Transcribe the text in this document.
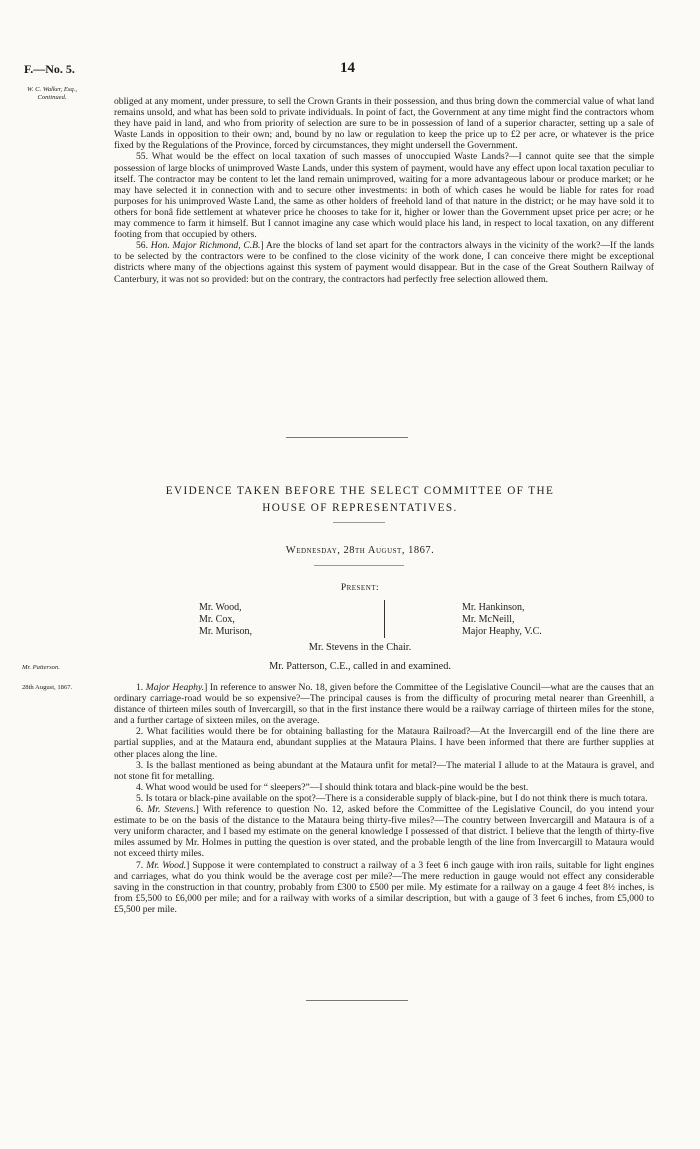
F.—No. 5.	14
W. C. Walker, Esq.,
Continued.	obliged at any moment, under pressure, to sell the Crown Grants in their possession, and thus bring down the commercial value of what land remains unsold, and what has been sold to private individuals. In point of fact, the Government at any time might find the contractors whom they have paid in land, and who from priority of selection are sure to be in possession of land of a superior character, setting up a sale of Waste Lands in opposition to their own; and, bound by no law or regulation to keep the price up to £2 per acre, or whatever is the price fixed by the Regulations of the Province, forced by circumstances, they might undersell the Government.

55. What would be the effect on local taxation of such masses of unoccupied Waste Lands?—I cannot quite see that the simple possession of large blocks of unimproved Waste Lands, under this system of payment, would have any effect upon local taxation peculiar to itself. The contractor may be content to let the land remain unimproved, waiting for a more advantageous labour or produce market; or he may have selected it in connection with and to secure other investments: in both of which cases he would be liable for rates for road purposes for his unimproved Waste Land, the same as other holders of freehold land of that nature in the district; or he may have sold it to others for bonâ fide settlement at whatever price he chooses to take for it, higher or lower than the Government upset price per acre; or he may commence to farm it himself. But I cannot imagine any case which would place his land, in respect to local taxation, on any different footing from that occupied by others.

56. Hon. Major Richmond, C.B.] Are the blocks of land set apart for the contractors always in the vicinity of the work?—If the lands to be selected by the contractors were to be confined to the close vicinity of the work done, I can conceive there might be exceptional districts where many of the objections against this system of payment would disappear. But in the case of the Great Southern Railway of Canterbury, it was not so provided: but on the contrary, the contractors had perfectly free selection allowed them.

EVIDENCE TAKEN BEFORE THE SELECT COMMITTEE OF THE
HOUSE OF REPRESENTATIVES.
Wednesday, 28th August, 1867.
Present:
Mr. Wood,
Mr. Cox,
Mr. Murison,
Mr. Hankinson,
Mr. McNeill,
Major Heaphy, V.C.
Mr. Stevens in the Chair.
Mr. Patterson.	Mr. Patterson, C.E., called in and examined.
28th August, 1867.	1. Major Heaphy.] In reference to answer No. 18, given before the Committee of the Legislative Council—what are the causes that an ordinary carriage-road would be so expensive?—The principal causes is from the difficulty of procuring metal nearer than Greenhill, a distance of thirteen miles south of Invercargill, so that in the first instance there would be a railway carriage of thirteen miles for the stone, and a further cartage of sixteen miles, on the average.

2. What facilities would there be for obtaining ballasting for the Mataura Railroad?—At the Invercargill end of the line there are partial supplies, and at the Mataura end, abundant supplies at the Mataura Plains. I have been informed that there are further supplies at other places along the line.

3. Is the ballast mentioned as being abundant at the Mataura unfit for metal?—The material I allude to at the Mataura is gravel, and not stone fit for metalling.

4. What wood would be used for “ sleepers?”—I should think totara and black-pine would be the best.

5. Is totara or black-pine available on the spot?—There is a considerable supply of black-pine, but I do not think there is much totara.

6. Mr. Stevens.] With reference to question No. 12, asked before the Committee of the Legislative Council, do you intend your estimate to be on the basis of the distance to the Mataura being thirty-five miles?—The country between Invercargill and Mataura is of a very uniform character, and I based my estimate on the general knowledge I possessed of that district. I believe that the length of thirty-five miles assumed by Mr. Holmes in putting the question is over stated, and the probable length of the line from Invercargill to Mataura would not exceed thirty miles.

7. Mr. Wood.] Suppose it were contemplated to construct a railway of a 3 feet 6 inch gauge with iron rails, suitable for light engines and carriages, what do you think would be the average cost per mile?—The mere reduction in gauge would not effect any considerable saving in the construction in that country, probably from £300 to £500 per mile. My estimate for a railway on a gauge 4 feet 8½ inches, is from £5,500 to £6,000 per mile; and for a railway with works of a similar description, but with a gauge of 3 feet 6 inches, from £5,000 to £5,500 per mile.
